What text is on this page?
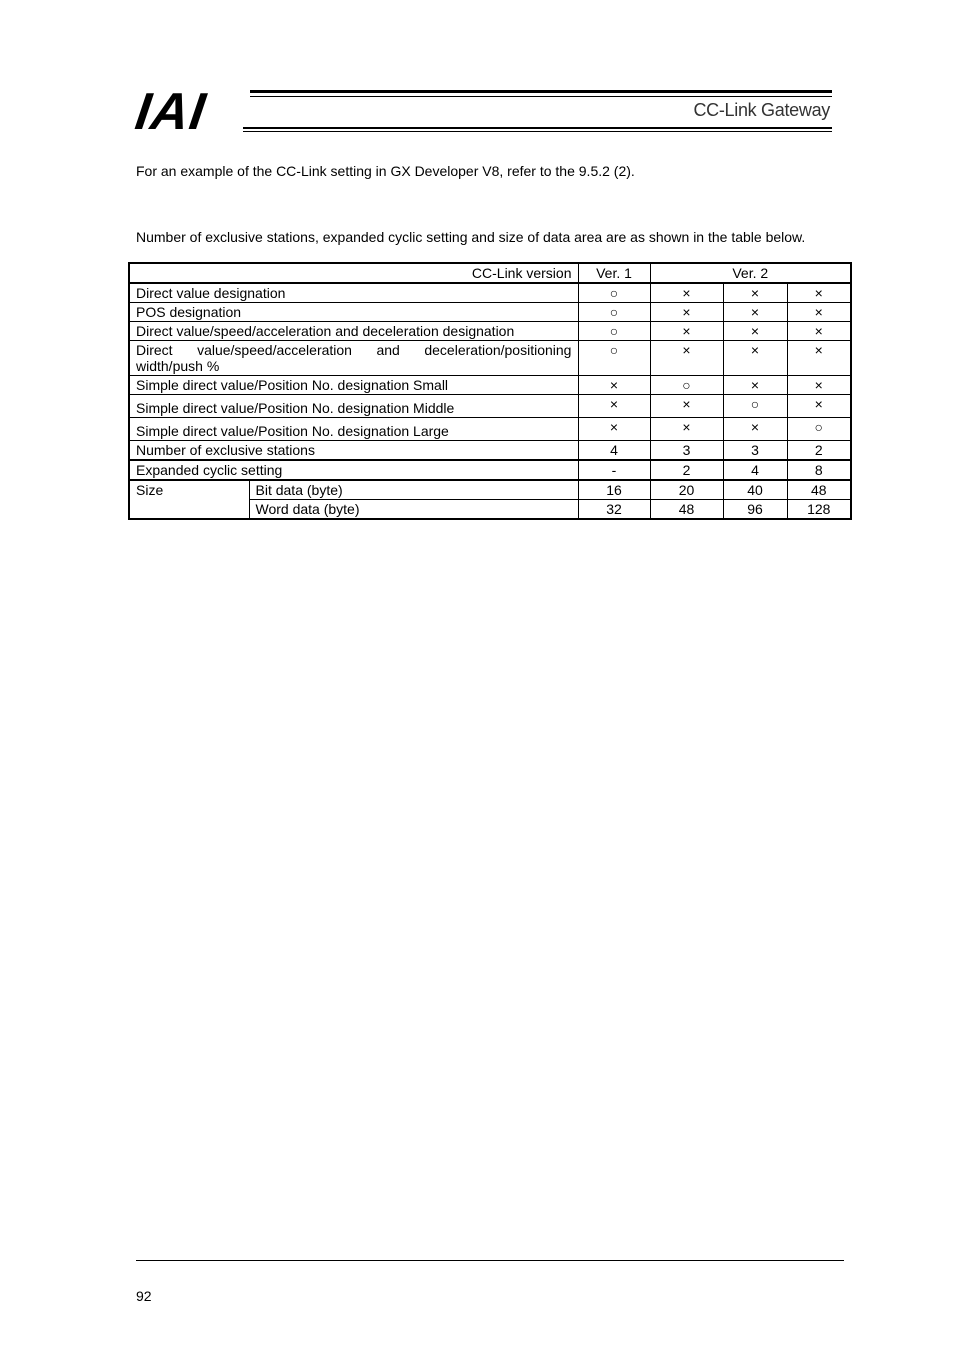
IAI	CC-Link Gateway
For an example of the CC-Link setting in GX Developer V8, refer to the 9.5.2 (2).
Number of exclusive stations, expanded cyclic setting and size of data area are as shown in the table below.
CC-Link version		Ver. 1	Ver. 2		
Direct value designation		○	×	×	×
POS designation		○	×	×	×
Direct value/speed/acceleration and deceleration designation		○	×	×	×

Direct value/speed/acceleration and deceleration/positioning
width/push %		○	×	×	×
Simple direct value/Position No. designation Small		×	○	×	×
Simple direct value/Position No. designation Middle		×	×	○	×
Simple direct value/Position No. designation Large		×	×	×	○
Number of exclusive stations		4	3	3	2
Expanded cyclic setting		-	2	4	8
Size	Bit data (byte)	16	20	40	48
	Word data (byte)	32	48	96	128
92
